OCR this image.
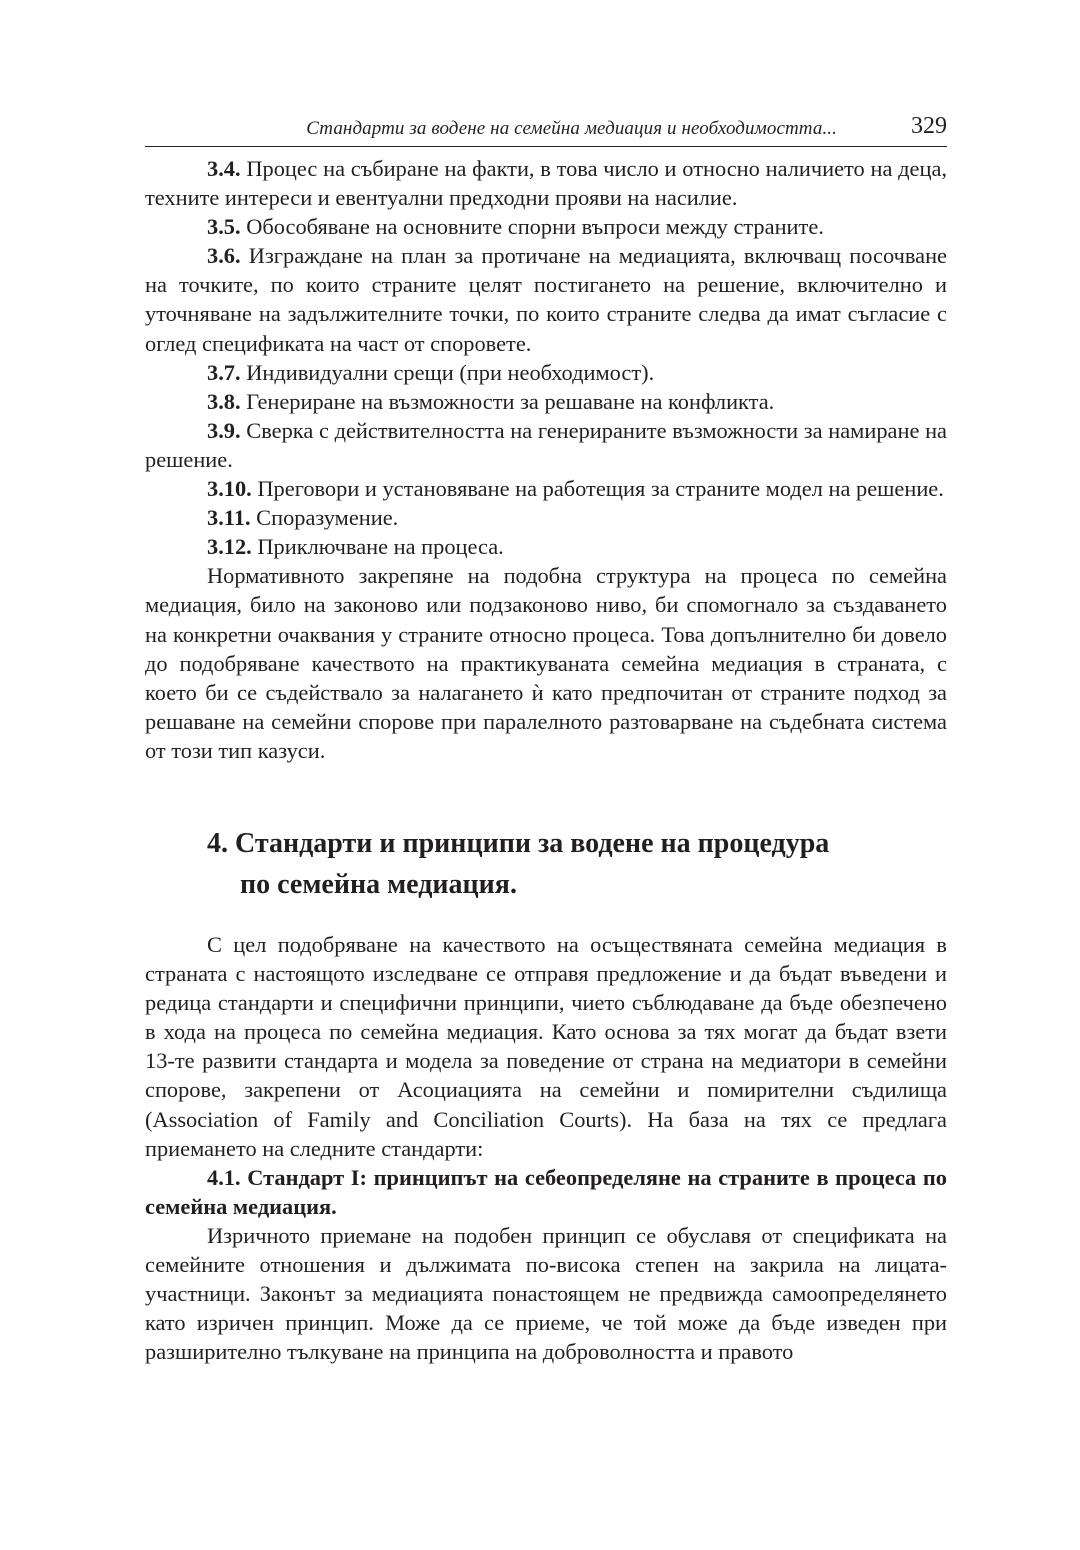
Стандарти за водене на семейна медиация и необходимостта...	329

3.4. Процес на събиране на факти, в това число и относно наличието на деца, техните интереси и евентуални предходни прояви на насилие.

3.5. Обособяване на основните спорни въпроси между страните.

3.6. Изграждане на план за протичане на медиацията, включващ посочване на точките, по които страните целят постигането на решение, включително и уточняване на задължителните точки, по които страните следва да имат съгласие с оглед спецификата на част от споровете.

3.7. Индивидуални срещи (при необходимост).

3.8. Генериране на възможности за решаване на конфликта.

3.9. Сверка с действителността на генерираните възможности за намиране на решение.

3.10. Преговори и установяване на работещия за страните модел на решение.

3.11. Споразумение.

3.12. Приключване на процеса.

Нормативното закрепяне на подобна структура на процеса по семейна медиация, било на законово или подзаконово ниво, би спомогнало за създаването на конкретни очаквания у страните относно процеса. Това допълнително би довело до подобряване качеството на практикуваната семейна медиация в страната, с което би се съдействало за налагането ѝ като предпочитан от страните подход за решаване на семейни спорове при паралелното разтоварване на съдебната система от този тип казуси.

4. Стандарти и принципи за водене на процедура
по семейна медиация.

С цел подобряване на качеството на осъществяната семейна медиация в страната с настоящото изследване се отправя предложение и да бъдат въведени и редица стандарти и специфични принципи, чието съблюдаване да бъде обезпечено в хода на процеса по семейна медиация. Като основа за тях могат да бъдат взети 13-те развити стандарта и модела за поведение от страна на медиатори в семейни спорове, закрепени от Асоциацията на семейни и помирителни съдилища (Association of Family and Conciliation Courts). На база на тях се предлага приемането на следните стандарти:

4.1. Стандарт I: принципът на себеопределяне на страните в процеса по семейна медиация.

Изричното приемане на подобен принцип се обуславя от спецификата на семейните отношения и дължимата по-висока степен на закрила на лицата-участници. Законът за медиацията понастоящем не предвижда самоопределянето като изричен принцип. Може да се приеме, че той може да бъде изведен при разширително тълкуване на принципа на доброволността и правото
